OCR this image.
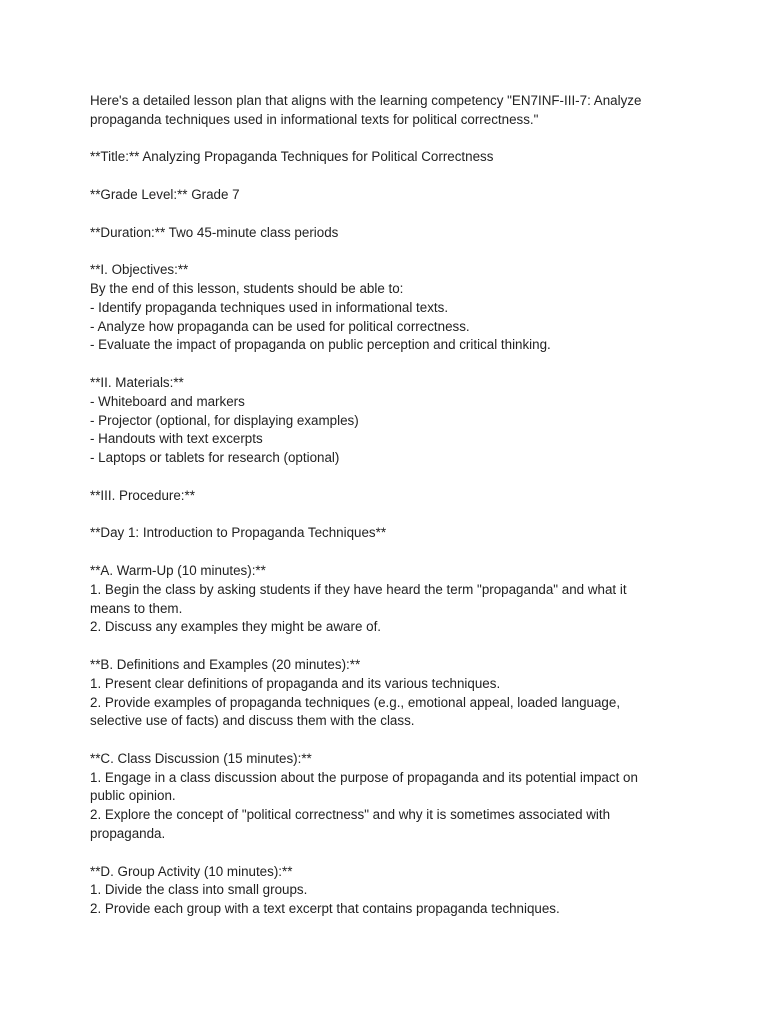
Here's a detailed lesson plan that aligns with the learning competency "EN7INF-III-7: Analyze
propaganda techniques used in informational texts for political correctness."
**Title:** Analyzing Propaganda Techniques for Political Correctness
**Grade Level:** Grade 7
**Duration:** Two 45-minute class periods
**I. Objectives:**
By the end of this lesson, students should be able to:
- Identify propaganda techniques used in informational texts.
- Analyze how propaganda can be used for political correctness.
- Evaluate the impact of propaganda on public perception and critical thinking.
**II. Materials:**
- Whiteboard and markers
- Projector (optional, for displaying examples)
- Handouts with text excerpts
- Laptops or tablets for research (optional)
**III. Procedure:**
**Day 1: Introduction to Propaganda Techniques**
**A. Warm-Up (10 minutes):**
1. Begin the class by asking students if they have heard the term "propaganda" and what it
means to them.
2. Discuss any examples they might be aware of.
**B. Definitions and Examples (20 minutes):**
1. Present clear definitions of propaganda and its various techniques.
2. Provide examples of propaganda techniques (e.g., emotional appeal, loaded language,
selective use of facts) and discuss them with the class.
**C. Class Discussion (15 minutes):**
1. Engage in a class discussion about the purpose of propaganda and its potential impact on
public opinion.
2. Explore the concept of "political correctness" and why it is sometimes associated with
propaganda.
**D. Group Activity (10 minutes):**
1. Divide the class into small groups.
2. Provide each group with a text excerpt that contains propaganda techniques.
